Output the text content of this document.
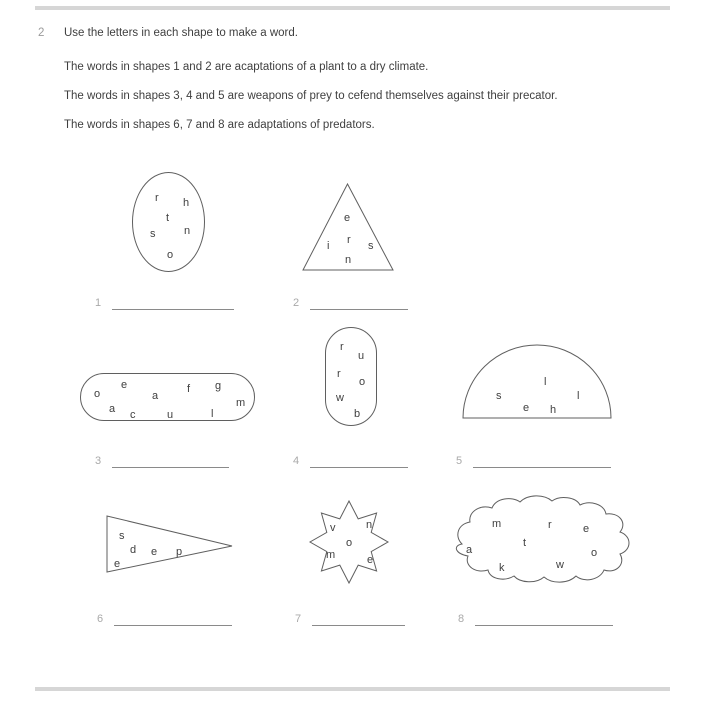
2 Use the letters in each shape to make a word.
The words in shapes 1 and 2 are acaptations of a plant to a dry climate.
The words in shapes 3, 4 and 5 are weapons of prey to cefend themselves against their precator.
The words in shapes 6, 7 and 8 are adaptations of predators.
r h
t
s	n
o
e
r
i	s
n
1	2
o
e
a
f g
m
a c	u	l
r
u
r
o
w
b
s
l
l
e h
3	4	5
s
d e p
e
v	n
o
m	e
m	r	e
a
t
k	w
o
6	7	8
